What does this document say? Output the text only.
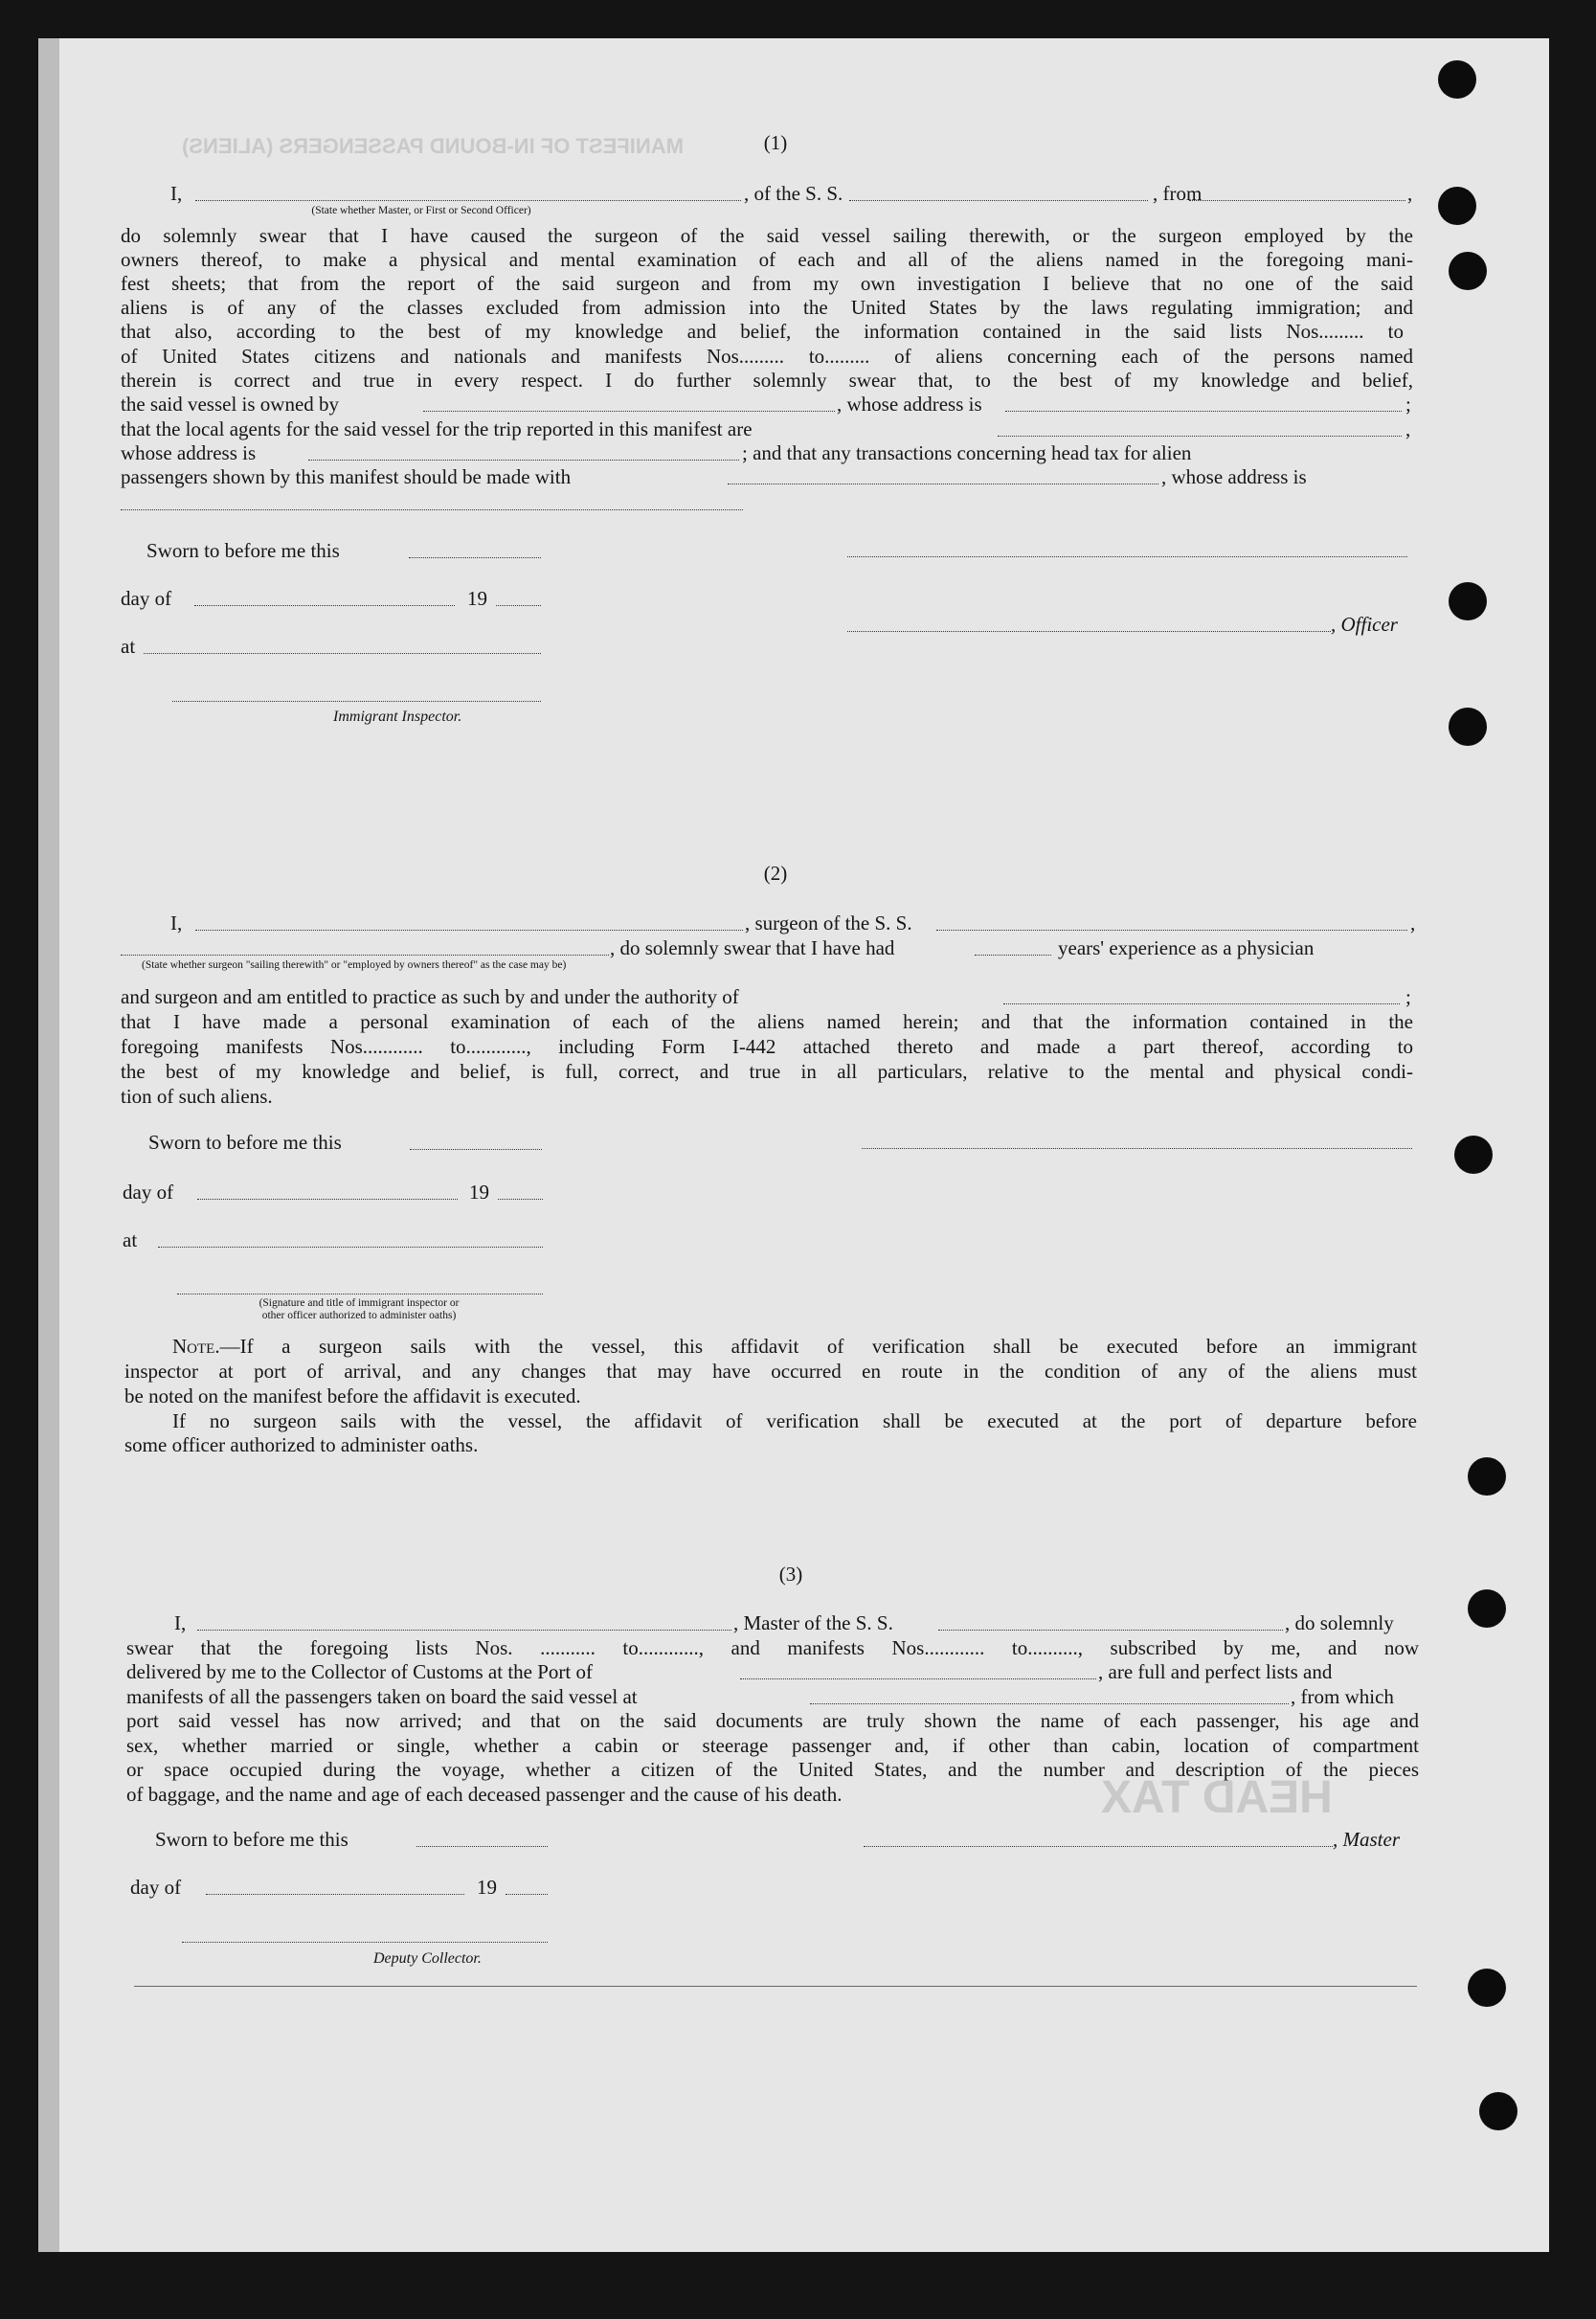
MANIFEST OF IN-BOUND PASSENGERS (ALIENS)
HEAD TAX
(1)
I,
(State whether Master, or First or Second Officer)
, of the S. S.	, from	,
do solemnly swear that I have caused the surgeon of the said vessel sailing therewith, or the surgeon employed by the
owners thereof, to make a physical and mental examination of each and all of the aliens named in the foregoing mani-
fest sheets; that from the report of the said surgeon and from my own investigation I believe that no one of the said
aliens is of any of the classes excluded from admission into the United States by the laws regulating immigration; and
that also, according to the best of my knowledge and belief, the information contained in the said lists Nos......... to
of United States citizens and nationals and manifests Nos......... to......... of aliens concerning each of the persons named
therein is correct and true in every respect. I do further solemnly swear that, to the best of my knowledge and belief,
the said vessel is owned by	, whose address is	;
that the local agents for the said vessel for the trip reported in this manifest are	,
whose address is	; and that any transactions concerning head tax for alien
passengers shown by this manifest should be made with	, whose address is
Sworn to before me this
day of	19
, Officer
at
Immigrant Inspector.
(2)
I,	, surgeon of the S. S.	,
, do solemnly swear that I have had	years' experience as a physician
(State whether surgeon "sailing therewith" or "employed by owners thereof" as the case may be)
and surgeon and am entitled to practice as such by and under the authority of	;
that I have made a personal examination of each of the aliens named herein; and that the information contained in the
foregoing manifests Nos............ to............, including Form I-442 attached thereto and made a part thereof, according to
the best of my knowledge and belief, is full, correct, and true in all particulars, relative to the mental and physical condi-
tion of such aliens.
Sworn to before me this
day of	19
at
(Signature and title of immigrant inspector or
other officer authorized to administer oaths)
Note.—If a surgeon sails with the vessel, this affidavit of verification shall be executed before an immigrant
inspector at port of arrival, and any changes that may have occurred en route in the condition of any of the aliens must
be noted on the manifest before the affidavit is executed.
If no surgeon sails with the vessel, the affidavit of verification shall be executed at the port of departure before
some officer authorized to administer oaths.
(3)
I,	, Master of the S. S.	, do solemnly
swear that the foregoing lists Nos. ........... to............, and manifests Nos............ to.........., subscribed by me, and now
delivered by me to the Collector of Customs at the Port of	, are full and perfect lists and
manifests of all the passengers taken on board the said vessel at	, from which
port said vessel has now arrived; and that on the said documents are truly shown the name of each passenger, his age and
sex, whether married or single, whether a cabin or steerage passenger and, if other than cabin, location of compartment
or space occupied during the voyage, whether a citizen of the United States, and the number and description of the pieces
of baggage, and the name and age of each deceased passenger and the cause of his death.
Sworn to before me this	, Master
day of	19
Deputy Collector.
